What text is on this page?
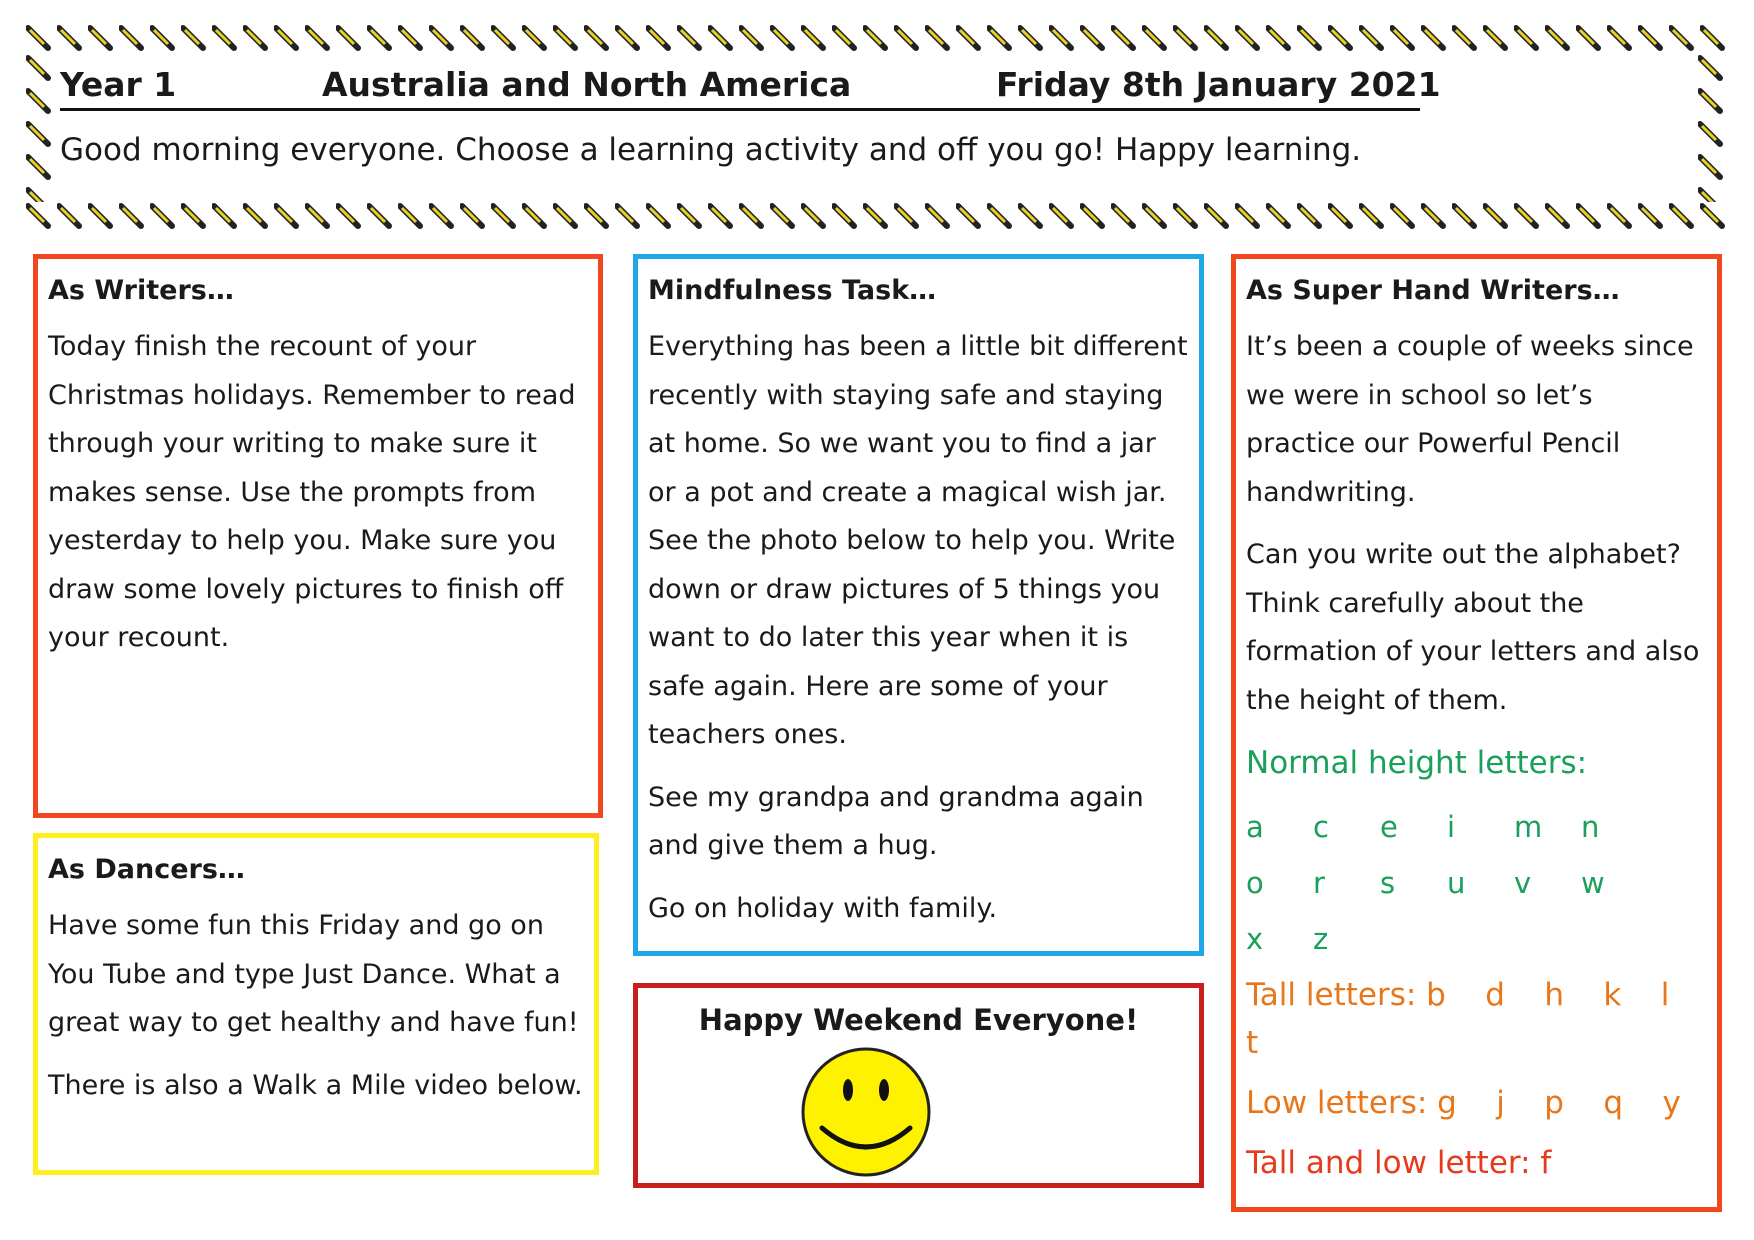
Year 1	Australia and North America	Friday 8th January 2021
Good morning everyone. Choose a learning activity and off you go! Happy learning.
As Writers…

Today finish the recount of your Christmas holidays. Remember to read through your writing to make sure it makes sense. Use the prompts from yesterday to help you. Make sure you draw some lovely pictures to finish off your recount.

As Dancers…

Have some fun this Friday and go on You Tube and type Just Dance. What a great way to get healthy and have fun!

There is also a Walk a Mile video below.

Mindfulness Task…

Everything has been a little bit different recently with staying safe and staying at home. So we want you to find a jar or a pot and create a magical wish jar. See the photo below to help you. Write down or draw pictures of 5 things you want to do later this year when it is safe again. Here are some of your teachers ones.

See my grandpa and grandma again and give them a hug.

Go on holiday with family.

Happy Weekend Everyone!
As Super Hand Writers…

It’s been a couple of weeks since we were in school so let’s practice our Powerful Pencil handwriting.

Can you write out the alphabet? Think carefully about the formation of your letters and also the height of them.

Normal height letters:
a	c	e	i	m	n
o	r	s	u	v	w
x	z
Tall letters: b    d    h    k    l    t
Low letters: g    j    p    q    y
Tall and low letter: f
